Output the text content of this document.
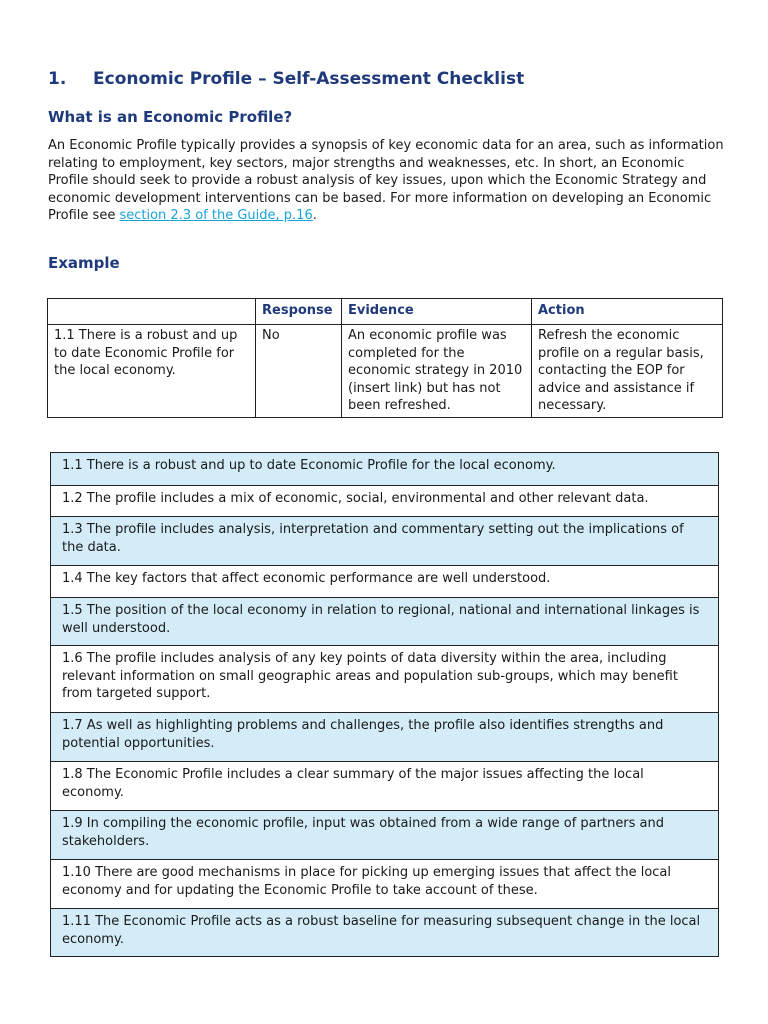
1. Economic Profile – Self-Assessment Checklist
What is an Economic Profile?

An Economic Profile typically provides a synopsis of key economic data for an area, such as information relating to employment, key sectors, major strengths and weaknesses, etc. In short, an Economic Profile should seek to provide a robust analysis of key issues, upon which the Economic Strategy and economic development interventions can be based. For more information on developing an Economic Profile see section 2.3 of the Guide, p.16.

Example
	Response	Evidence	Action
1.1 There is a robust and up to date Economic Profile for the local economy.	No	An economic profile was completed for the economic strategy in 2010 (insert link) but has not been refreshed.	Refresh the economic profile on a regular basis, contacting the EOP for advice and assistance if necessary.
1.1 There is a robust and up to date Economic Profile for the local economy.
1.2 The profile includes a mix of economic, social, environmental and other relevant data.
1.3 The profile includes analysis, interpretation and commentary setting out the implications of the data.
1.4 The key factors that affect economic performance are well understood.
1.5 The position of the local economy in relation to regional, national and international linkages is well understood.
1.6 The profile includes analysis of any key points of data diversity within the area, including relevant information on small geographic areas and population sub-groups, which may benefit from targeted support.
1.7 As well as highlighting problems and challenges, the profile also identifies strengths and potential opportunities.
1.8 The Economic Profile includes a clear summary of the major issues affecting the local economy.
1.9 In compiling the economic profile, input was obtained from a wide range of partners and stakeholders.
1.10 There are good mechanisms in place for picking up emerging issues that affect the local economy and for updating the Economic Profile to take account of these.
1.11 The Economic Profile acts as a robust baseline for measuring subsequent change in the local economy.
